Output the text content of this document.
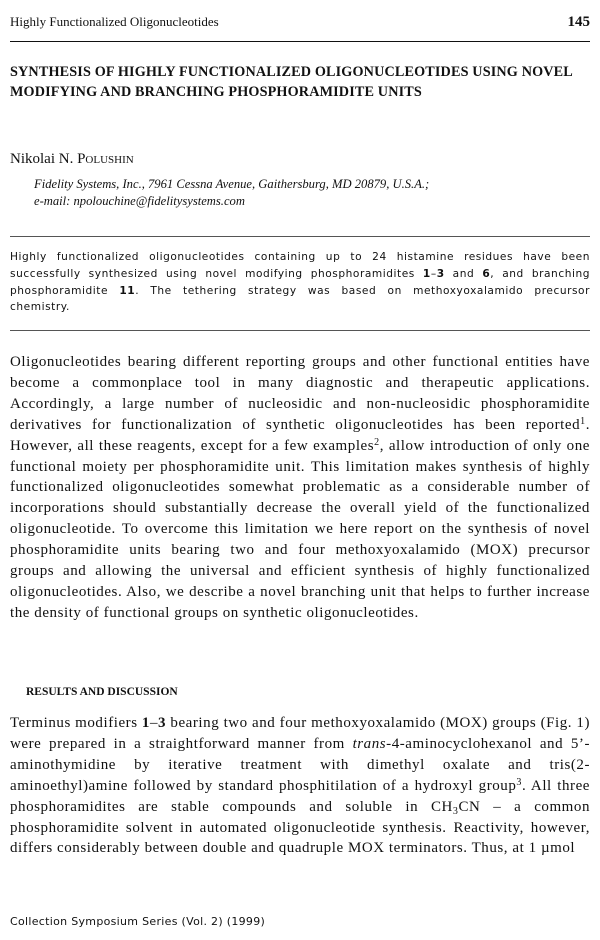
Highly Functionalized Oligonucleotides	145
SYNTHESIS OF HIGHLY FUNCTIONALIZED OLIGONUCLEOTIDES USING NOVEL MODIFYING AND BRANCHING PHOSPHORAMIDITE UNITS
Nikolai N. Polushin
Fidelity Systems, Inc., 7961 Cessna Avenue, Gaithersburg, MD 20879, U.S.A.;
e-mail: npolouchine@fidelitysystems.com
Highly functionalized oligonucleotides containing up to 24 histamine residues have been successfully synthesized using novel modifying phosphoramidites 1–3 and 6, and branching phosphoramidite 11. The tethering strategy was based on methoxyoxalamido precursor chemistry.
Oligonucleotides bearing different reporting groups and other functional entities have become a commonplace tool in many diagnostic and therapeutic applications. Accordingly, a large number of nucleosidic and non-nucleosidic phosphoramidite derivatives for functionalization of synthetic oligonucleotides has been reported$^1$. However, all these reagents, except for a few examples$^2$, allow introduction of only one functional moiety per phosphoramidite unit. This limitation makes synthesis of highly functionalized oligonucleotides somewhat problematic as a considerable number of incorporations should substantially decrease the overall yield of the functionalized oligonucleotide. To overcome this limitation we here report on the synthesis of novel phosphoramidite units bearing two and four methoxyoxalamido (MOX) precursor groups and allowing the universal and efficient synthesis of highly functionalized oligonucleotides. Also, we describe a novel branching unit that helps to further increase the density of functional groups on synthetic oligonucleotides.
RESULTS AND DISCUSSION
Terminus modifiers 1–3 bearing two and four methoxyoxalamido (MOX) groups (Fig. 1) were prepared in a straightforward manner from trans-4-aminocyclohexanol and 5’-aminothymidine by iterative treatment with dimethyl oxalate and tris(2-aminoethyl)amine followed by standard phosphitilation of a hydroxyl group$^3$. All three phosphoramidites are stable compounds and soluble in $CH_3CN$ – a common phosphoramidite solvent in automated oligonucleotide synthesis. Reactivity, however, differs considerably between double and quadruple MOX terminators. Thus, at 1 µmol
Collection Symposium Series (Vol. 2) (1999)
